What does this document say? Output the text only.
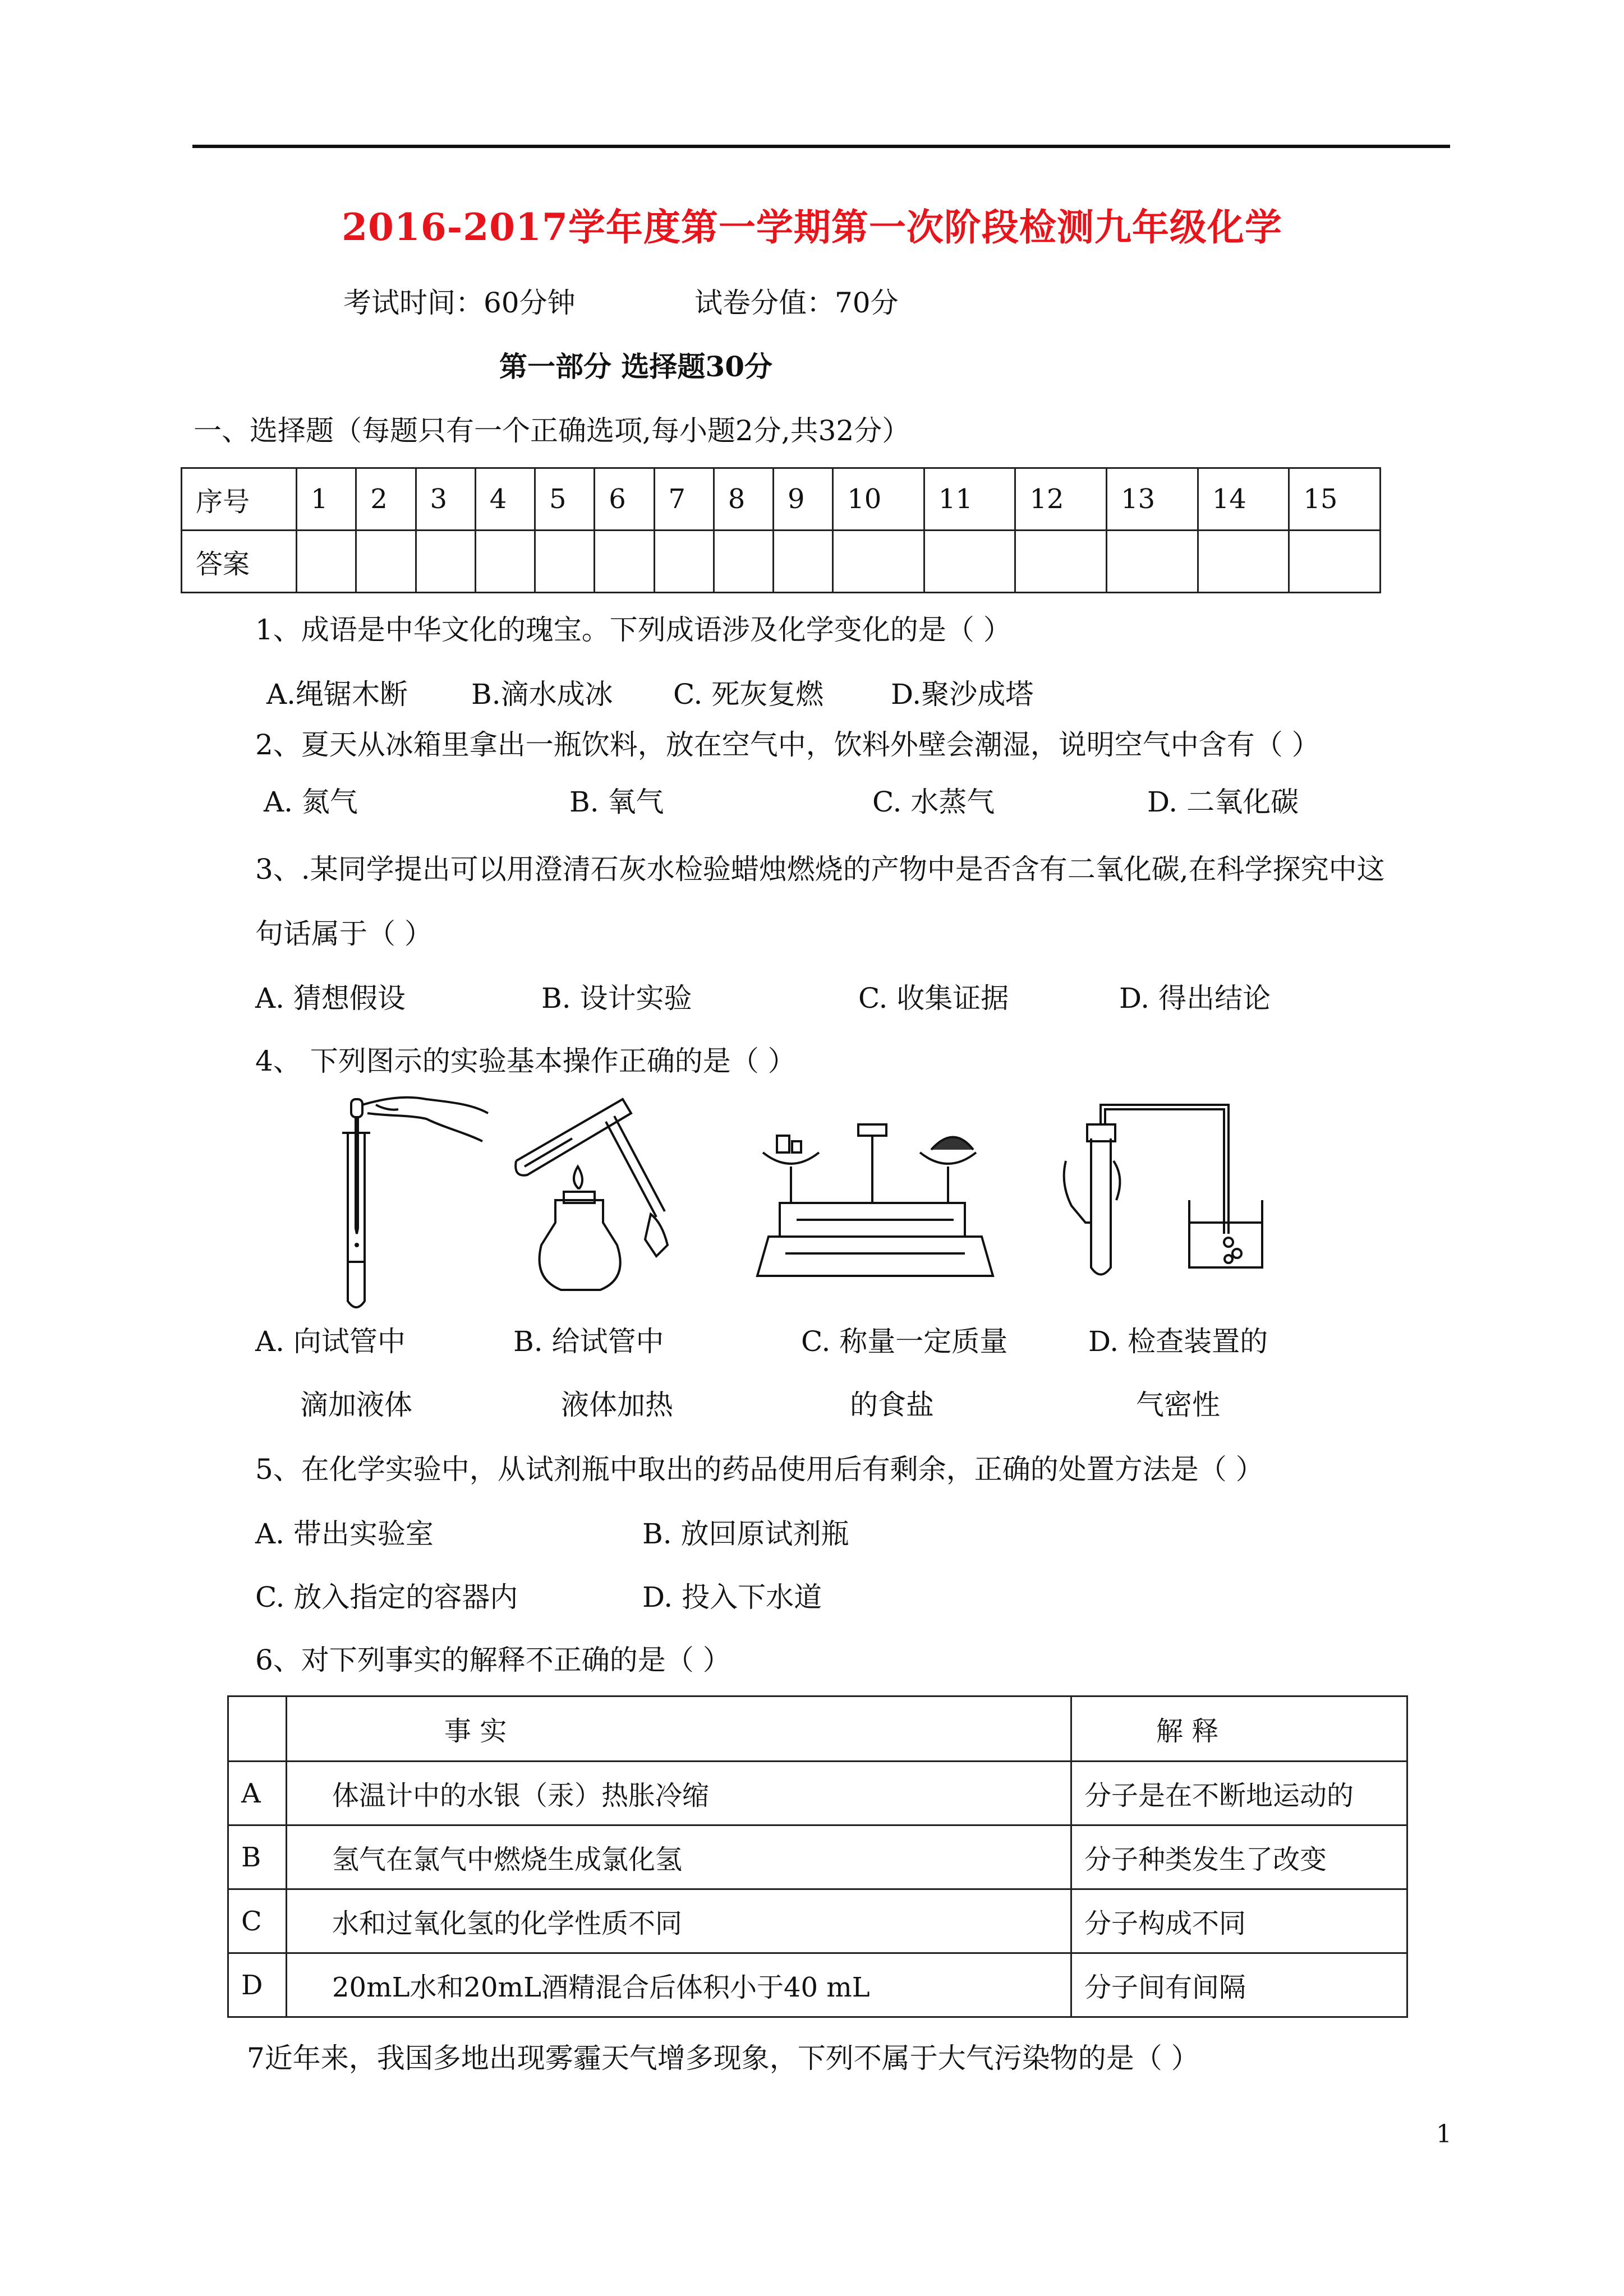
2016-2017学年度第一学期第一次阶段检测九年级化学
考试时间：60分钟	试卷分值：70分
第一部分 选择题30分
一、选择题（每题只有一个正确选项,每小题2分,共32分）
序号	1	2	3	4	5	6	7	8	9	10	11	12	13	14	15
答案															
1、成语是中华文化的瑰宝。下列成语涉及化学变化的是（ ）
A.绳锯木断 B.滴水成冰 C. 死灰复燃 D.聚沙成塔
2、夏天从冰箱里拿出一瓶饮料，放在空气中，饮料外壁会潮湿，说明空气中含有（ ）
A. 氮气	B. 氧气	C. 水蒸气	D. 二氧化碳
3、.某同学提出可以用澄清石灰水检验蜡烛燃烧的产物中是否含有二氧化碳,在科学探究中这
句话属于（ ）
A. 猜想假设	B. 设计实验	C. 收集证据	D. 得出结论
4、 下列图示的实验基本操作正确的是（ ）
A. 向试管中
滴加液体
B. 给试管中
液体加热
C. 称量一定质量
的食盐
D. 检查装置的
气密性
5、在化学实验中，从试剂瓶中取出的药品使用后有剩余，正确的处置方法是（ ）
A. 带出实验室	B. 放回原试剂瓶
C. 放入指定的容器内	D. 投入下水道
6、对下列事实的解释不正确的是（ ）
	事 实	解 释
A	体温计中的水银（汞）热胀冷缩	分子是在不断地运动的
B	氢气在氯气中燃烧生成氯化氢	分子种类发生了改变
C	水和过氧化氢的化学性质不同	分子构成不同
D	20mL水和20mL酒精混合后体积小于40 mL	分子间有间隔
7近年来，我国多地出现雾霾天气增多现象，下列不属于大气污染物的是（ ）
1
